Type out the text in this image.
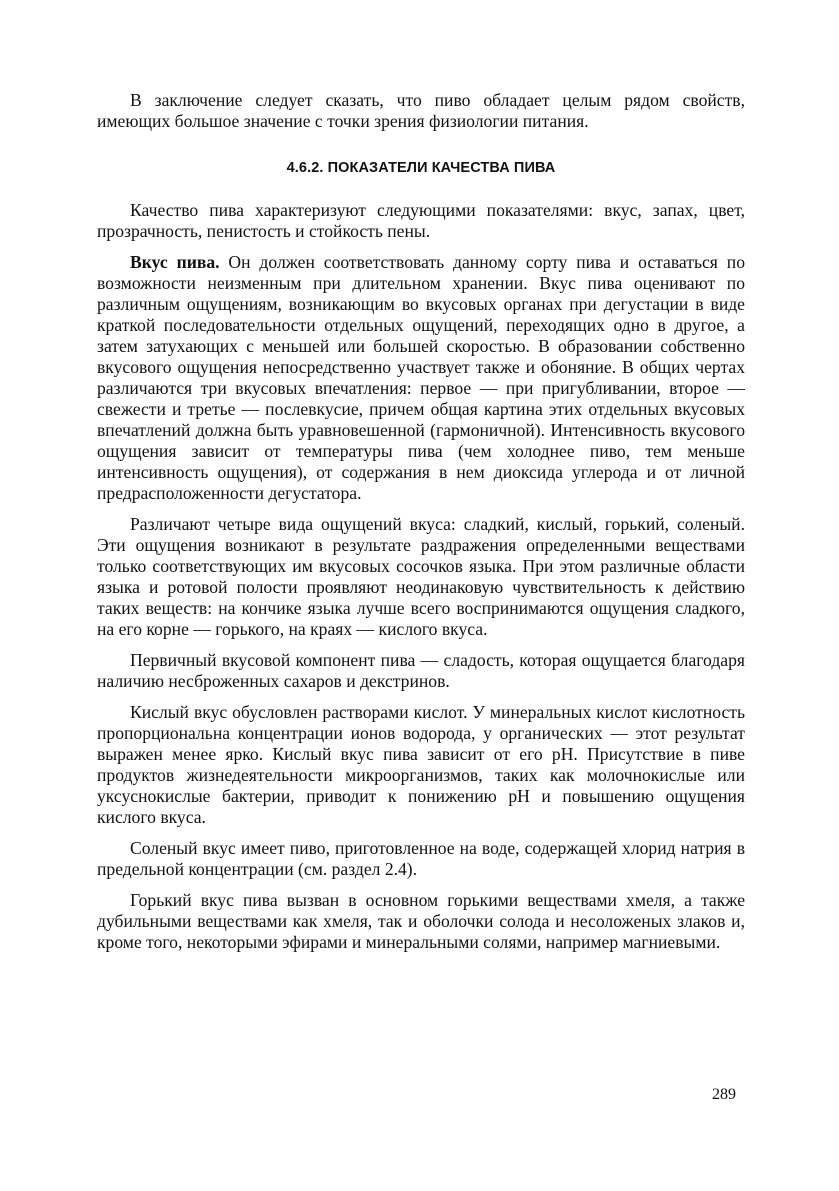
В заключение следует сказать, что пиво обладает целым рядом свойств, имеющих большое значение с точки зрения физиологии питания.

4.6.2. ПОКАЗАТЕЛИ КАЧЕСТВА ПИВА

Качество пива характеризуют следующими показателями: вкус, запах, цвет, прозрачность, пенистость и стойкость пены.

Вкус пива. Он должен соответствовать данному сорту пива и оставаться по возможности неизменным при длительном хранении. Вкус пива оценивают по различным ощущениям, возникающим во вкусовых органах при дегустации в виде краткой последовательности отдельных ощущений, переходящих одно в другое, а затем затухающих с меньшей или большей скоростью. В образовании собственно вкусового ощущения непосредственно участвует также и обоняние. В общих чертах различаются три вкусовых впечатления: первое — при пригубливании, второе — свежести и третье — послевкусие, причем общая картина этих отдельных вкусовых впечатлений должна быть уравновешенной (гармоничной). Интенсивность вкусового ощущения зависит от температуры пива (чем холоднее пиво, тем меньше интенсивность ощущения), от содержания в нем диоксида углерода и от личной предрасположенности дегустатора.

Различают четыре вида ощущений вкуса: сладкий, кислый, горький, соленый. Эти ощущения возникают в результате раздражения определенными веществами только соответствующих им вкусовых сосочков языка. При этом различные области языка и ротовой полости проявляют неодинаковую чувствительность к действию таких веществ: на кончике языка лучше всего воспринимаются ощущения сладкого, на его корне — горького, на краях — кислого вкуса.

Первичный вкусовой компонент пива — сладость, которая ощущается благодаря наличию несброженных сахаров и декстринов.

Кислый вкус обусловлен растворами кислот. У минеральных кислот кислотность пропорциональна концентрации ионов водорода, у органических — этот результат выражен менее ярко. Кислый вкус пива зависит от его pH. Присутствие в пиве продуктов жизнедеятельности микроорганизмов, таких как молочнокислые или уксуснокислые бактерии, приводит к понижению pH и повышению ощущения кислого вкуса.

Соленый вкус имеет пиво, приготовленное на воде, содержащей хлорид натрия в предельной концентрации (см. раздел 2.4).

Горький вкус пива вызван в основном горькими веществами хмеля, а также дубильными веществами как хмеля, так и оболочки солода и несоложеных злаков и, кроме того, некоторыми эфирами и минеральными солями, например магниевыми.

289
